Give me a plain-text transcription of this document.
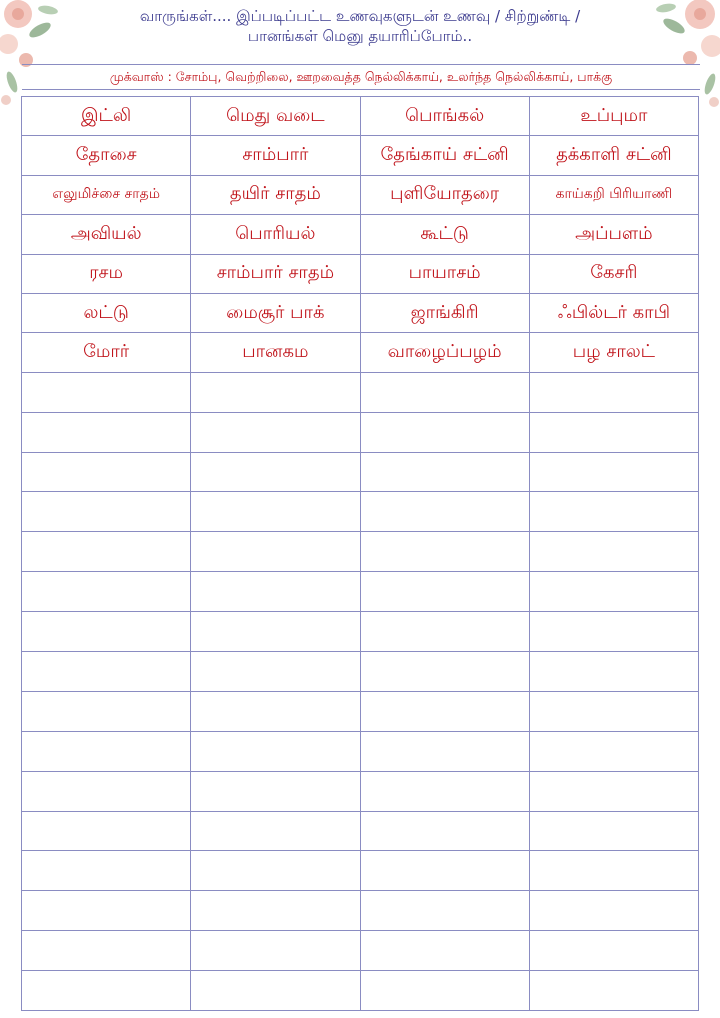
வாருங்கள்.... இப்படிப்பட்ட உணவுகளுடன் உணவு / சிற்றுண்டி /
பானங்கள் மெனு தயாரிப்போம்..
முக்வாஸ் : சோம்பு, வெற்றிலை, ஊறவைத்த நெல்லிக்காய், உலர்ந்த நெல்லிக்காய், பாக்கு
இட்லி	மெது வடை	பொங்கல்	உப்புமா
தோசை	சாம்பார்	தேங்காய் சட்னி	தக்காளி சட்னி
எலுமிச்சை சாதம்	தயிர் சாதம்	புளியோதரை	காய்கறி பிரியாணி
அவியல்	பொரியல்	கூட்டு	அப்பளம்
ரசம	சாம்பார் சாதம்	பாயாசம்	கேசரி
லட்டு	மைசூர் பாக்	ஜாங்கிரி	ஃபில்டர் காபி
மோர்	பானகம	வாழைப்பழம்	பழ சாலட்
